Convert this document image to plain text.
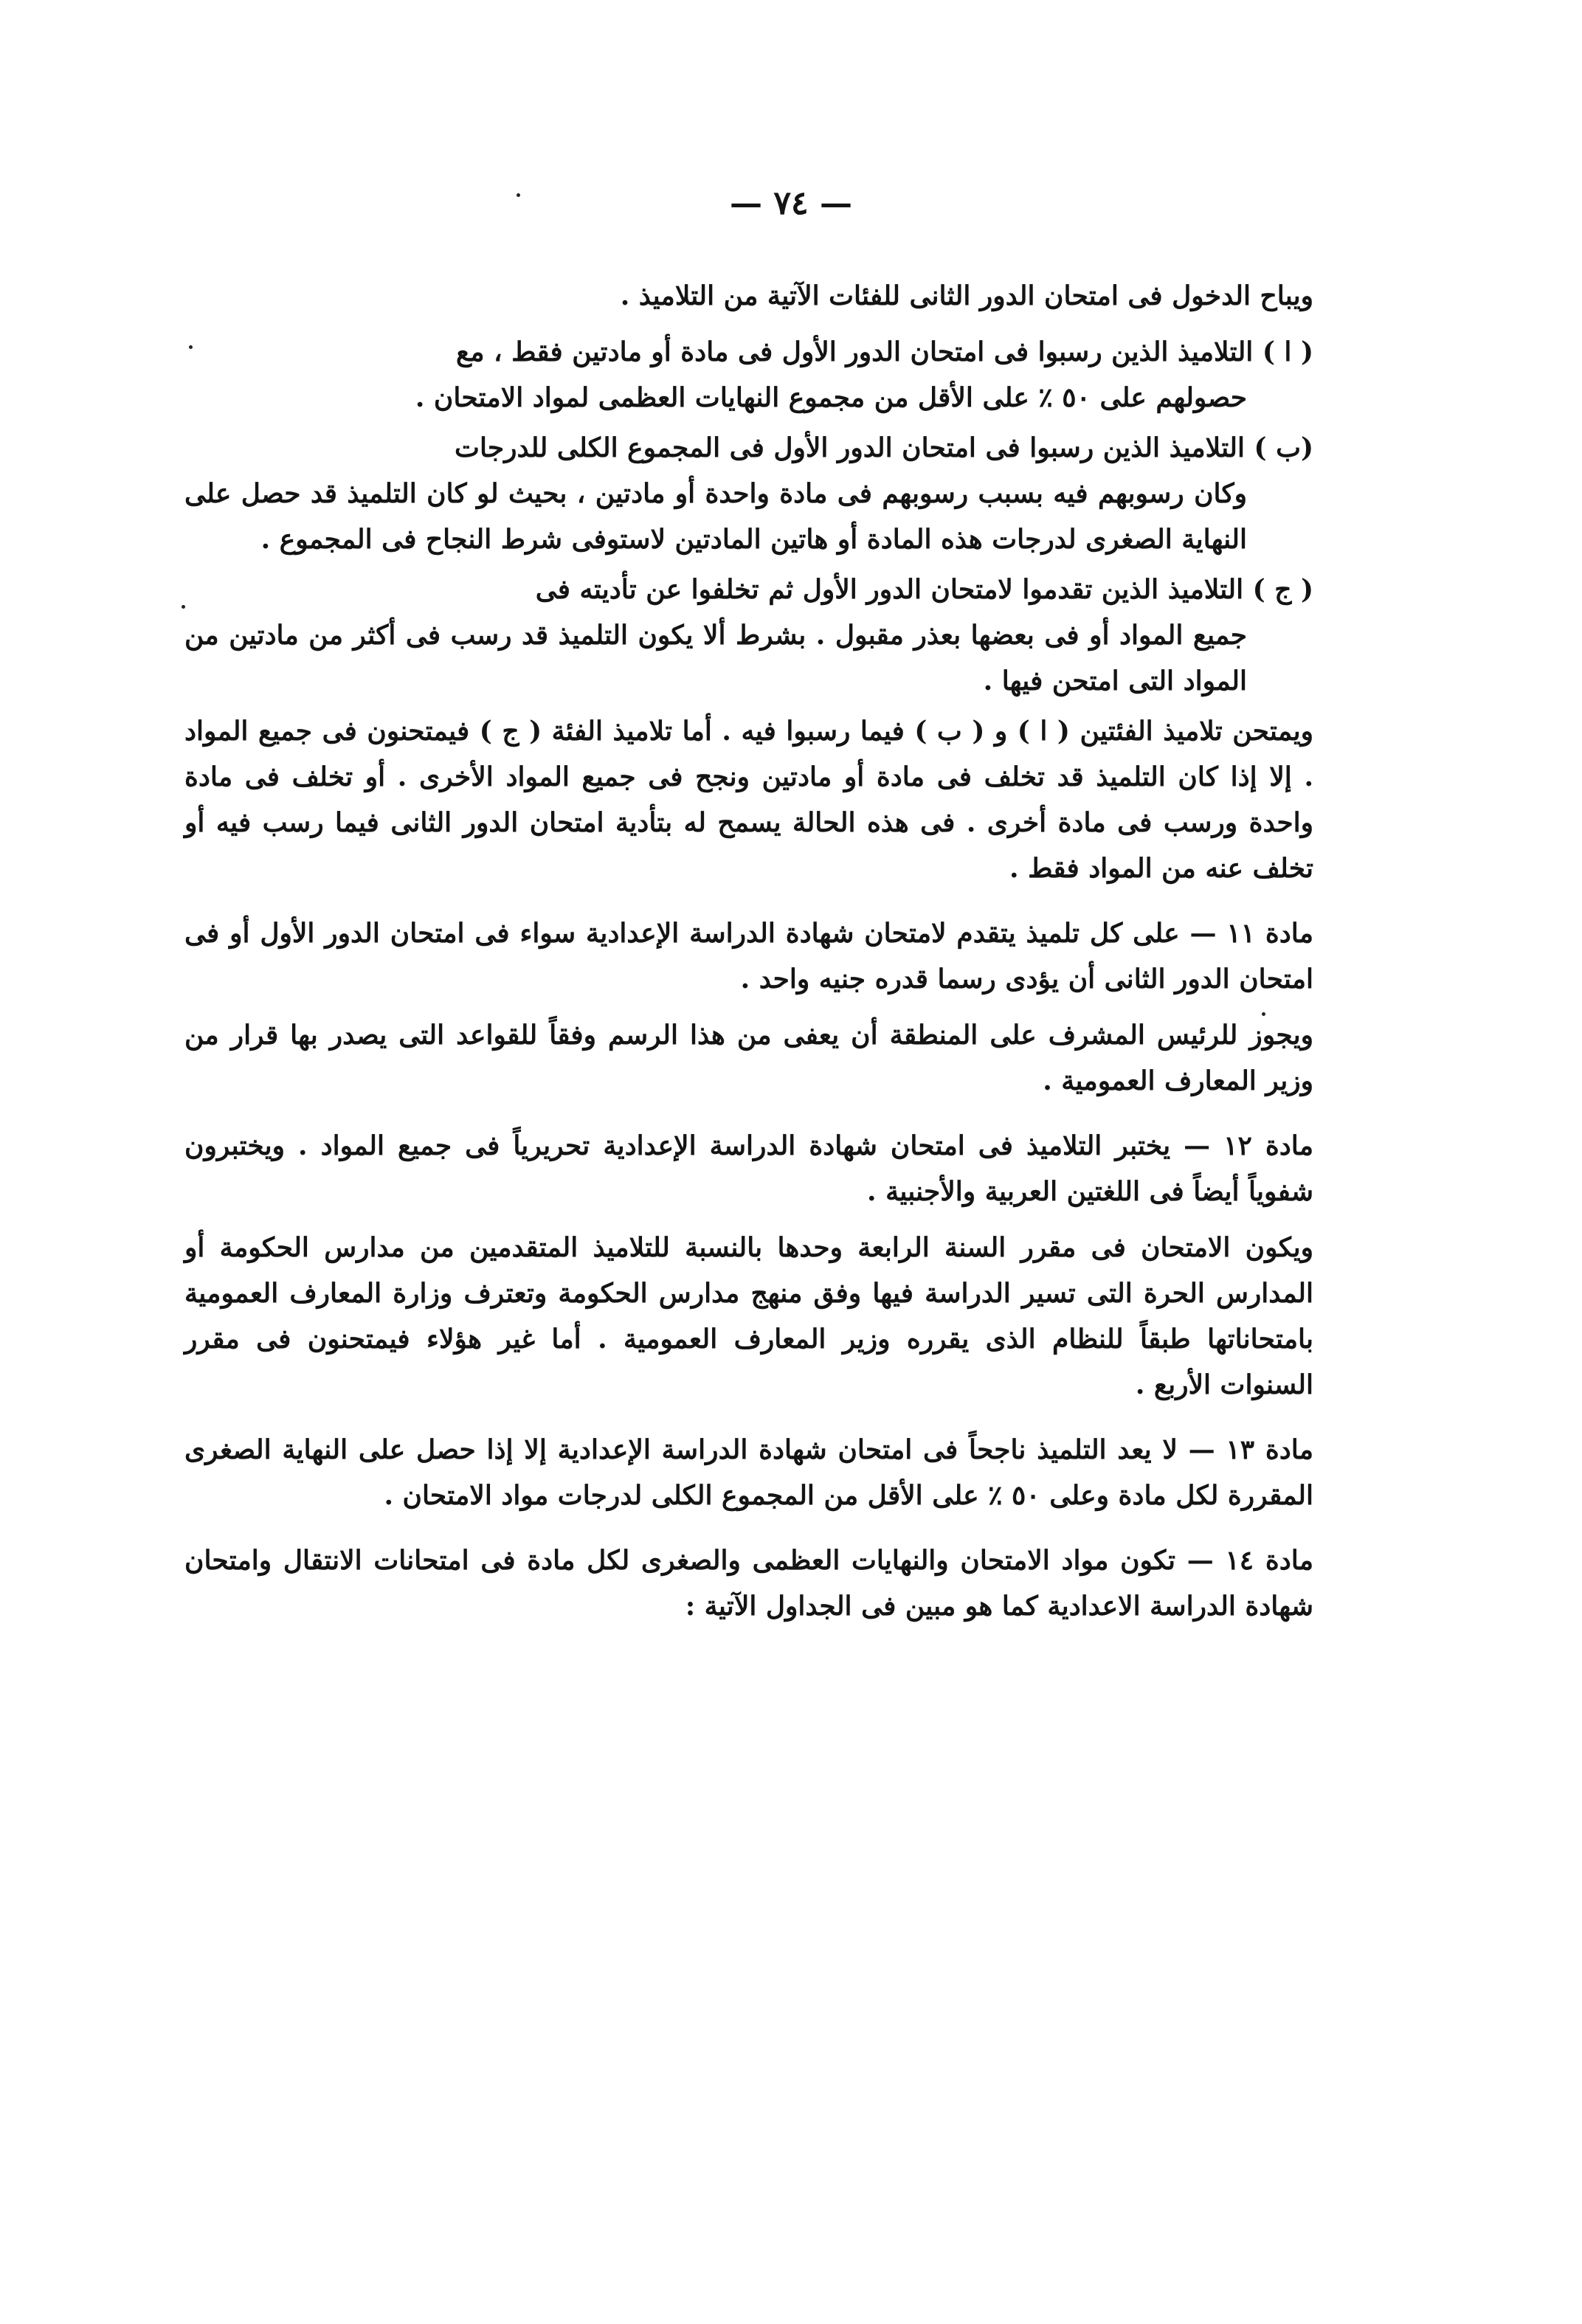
— ٧٤ —

ويباح الدخول فى امتحان الدور الثانى للفئات الآتية من التلاميذ .

( ا ) التلاميذ الذين رسبوا فى امتحان الدور الأول فى مادة أو مادتين فقط ، مع
حصولهم على ٥٠ ٪ على الأقل من مجموع النهايات العظمى لمواد الامتحان .
(ب ) التلاميذ الذين رسبوا فى امتحان الدور الأول فى المجموع الكلى للدرجات
وكان رسوبهم فيه بسبب رسوبهم فى مادة واحدة أو مادتين ، بحيث لو كان التلميذ قد حصل على النهاية الصغرى لدرجات هذه المادة أو هاتين المادتين لاستوفى شرط النجاح فى المجموع .
( ج ) التلاميذ الذين تقدموا لامتحان الدور الأول ثم تخلفوا عن تأديته فى
جميع المواد أو فى بعضها بعذر مقبول . بشرط ألا يكون التلميذ قد رسب فى أكثر من مادتين من المواد التى امتحن فيها .

ويمتحن تلاميذ الفئتين ( ا ) و ( ب ) فيما رسبوا فيه . أما تلاميذ الفئة ( ج ) فيمتحنون فى جميع المواد . إلا إذا كان التلميذ قد تخلف فى مادة أو مادتين ونجح فى جميع المواد الأخرى . أو تخلف فى مادة واحدة ورسب فى مادة أخرى . فى هذه الحالة يسمح له بتأدية امتحان الدور الثانى فيما رسب فيه أو تخلف عنه من المواد فقط .

مادة ١١ — على كل تلميذ يتقدم لامتحان شهادة الدراسة الإعدادية سواء فى امتحان الدور الأول أو فى امتحان الدور الثانى أن يؤدى رسما قدره جنيه واحد .

ويجوز للرئيس المشرف على المنطقة أن يعفى من هذا الرسم وفقاً للقواعد التى يصدر بها قرار من وزير المعارف العمومية .

مادة ١٢ — يختبر التلاميذ فى امتحان شهادة الدراسة الإعدادية تحريرياً فى جميع المواد . ويختبرون شفوياً أيضاً فى اللغتين العربية والأجنبية .

ويكون الامتحان فى مقرر السنة الرابعة وحدها بالنسبة للتلاميذ المتقدمين من مدارس الحكومة أو المدارس الحرة التى تسير الدراسة فيها وفق منهج مدارس الحكومة وتعترف وزارة المعارف العمومية بامتحاناتها طبقاً للنظام الذى يقرره وزير المعارف العمومية . أما غير هؤلاء فيمتحنون فى مقرر السنوات الأربع .

مادة ١٣ — لا يعد التلميذ ناجحاً فى امتحان شهادة الدراسة الإعدادية إلا إذا حصل على النهاية الصغرى المقررة لكل مادة وعلى ٥٠ ٪ على الأقل من المجموع الكلى لدرجات مواد الامتحان .

مادة ١٤ — تكون مواد الامتحان والنهايات العظمى والصغرى لكل مادة فى امتحانات الانتقال وامتحان شهادة الدراسة الاعدادية كما هو مبين فى الجداول الآتية :
